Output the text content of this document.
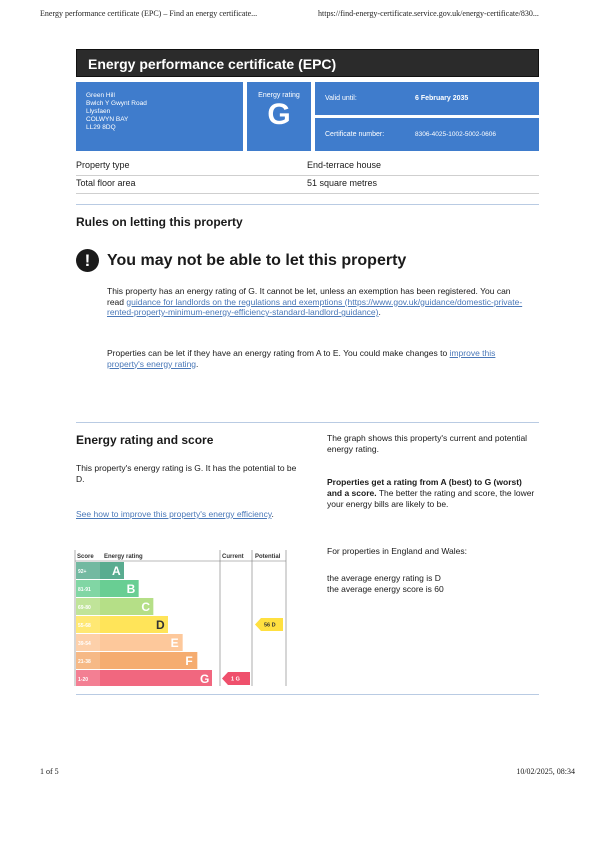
Energy performance certificate (EPC) – Find an energy certificate...	https://find-energy-certificate.service.gov.uk/energy-certificate/830...
Energy performance certificate (EPC)
Green Hill
Bwlch Y Gwynt Road
Llysfaen
COLWYN BAY
LL29 8DQ
Energy rating
G	Valid until:	6 February 2035
Certificate number:	8306-4025-1002-5002-0606
Property type	End-terrace house
Total floor area	51 square metres
Rules on letting this property
!	You may not be able to let this property
This property has an energy rating of G. It cannot be let, unless an exemption has been registered. You can read guidance for landlords on the regulations and exemptions (https://www.gov.uk/guidance/domestic-private-rented-property-minimum-energy-efficiency-standard-landlord-guidance).
Properties can be let if they have an energy rating from A to E. You could make changes to improve this property's energy rating.
Energy rating and score
This property's energy rating is G. It has the potential to be D.
See how to improve this property's energy efficiency.
The graph shows this property's current and potential energy rating.
Properties get a rating from A (best) to G (worst) and a score. The better the rating and score, the lower your energy bills are likely to be.
For properties in England and Wales:
the average energy rating is D
the average energy score is 60
Score Energy rating	Current Potential
92+ A
81-91	B
69-80	C
55-68	D
39-54	E
21-38	F
1-20	G	1 G
56 D
1 of 5	10/02/2025, 08:34
